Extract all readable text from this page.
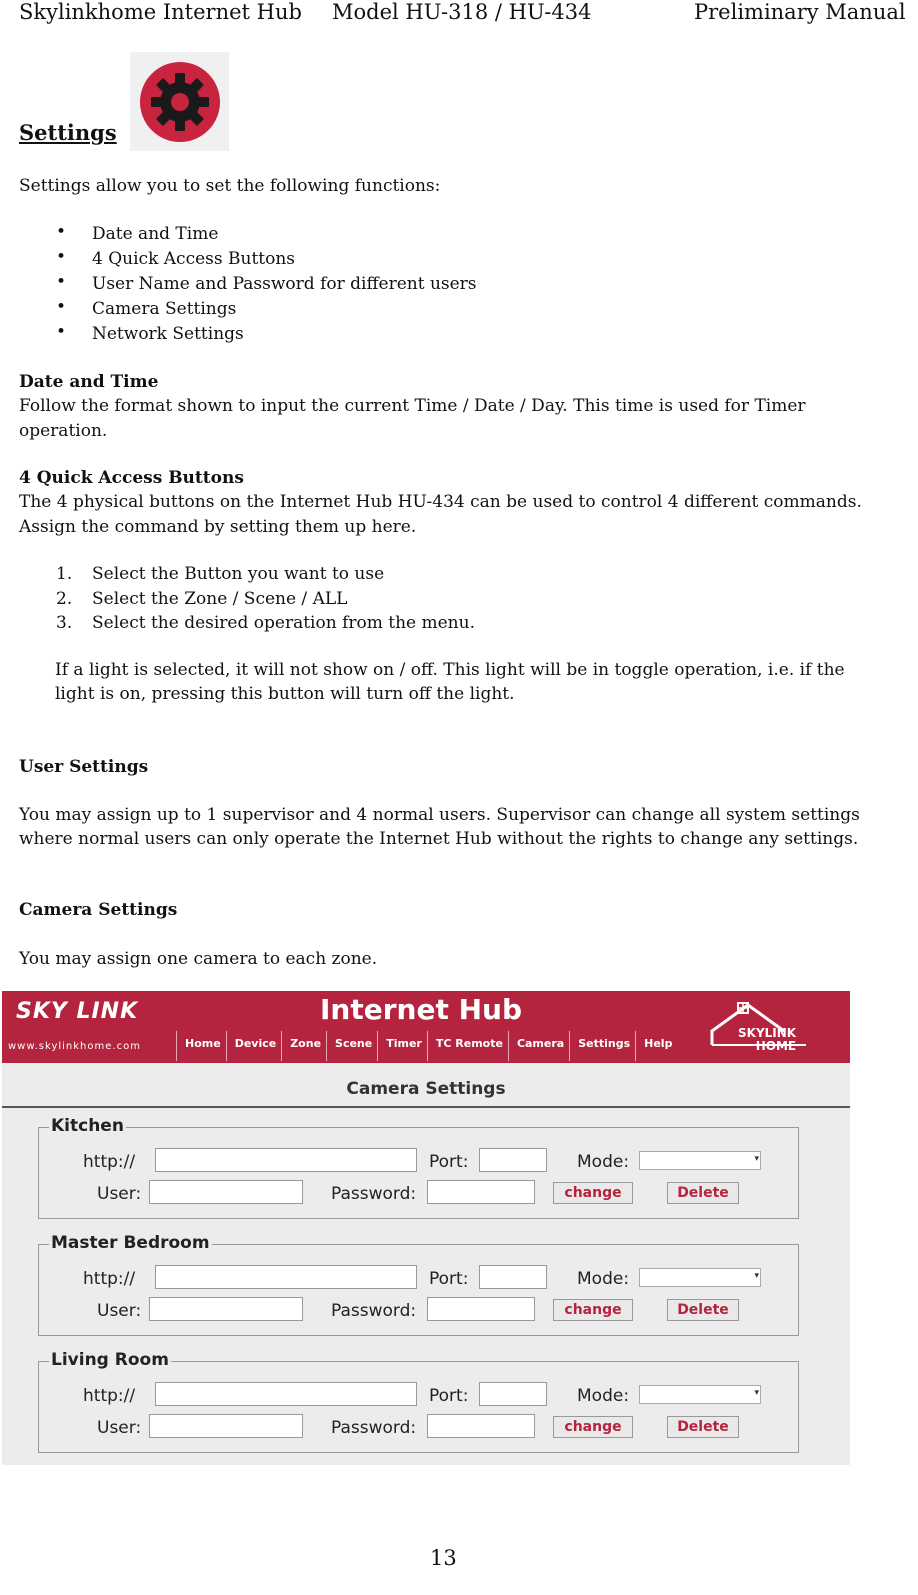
Skylinkhome Internet Hub Model HU-318 / HU-434	Preliminary Manual
Settings
Settings allow you to set the following functions:
• Date and Time
• 4 Quick Access Buttons
• User Name and Password for different users
• Camera Settings
• Network Settings
Date and Time
Follow the format shown to input the current Time / Date / Day. This time is used for Timer
operation.
4 Quick Access Buttons
The 4 physical buttons on the Internet Hub HU-434 can be used to control 4 different commands.
Assign the command by setting them up here.
1. Select the Button you want to use
2. Select the Zone / Scene / ALL
3. Select the desired operation from the menu.
If a light is selected, it will not show on / off. This light will be in toggle operation, i.e. if the
light is on, pressing this button will turn off the light.
User Settings
You may assign up to 1 supervisor and 4 normal users. Supervisor can change all system settings
where normal users can only operate the Internet Hub without the rights to change any settings.
Camera Settings
You may assign one camera to each zone.
SKY LINK
www.skylinkhome.com
Internet Hub
Home	Device	Zone	Scene	Timer	TC Remote	Camera	Settings	Help
SKYLINK
HOME
Camera Settings
Kitchen
http://	Port:	Mode:	▾
User:	Password:	change	Delete
Master Bedroom
http://	Port:	Mode:	▾
User:	Password:	change	Delete
Living Room
http://	Port:	Mode:	▾
User:	Password:	change	Delete
13
